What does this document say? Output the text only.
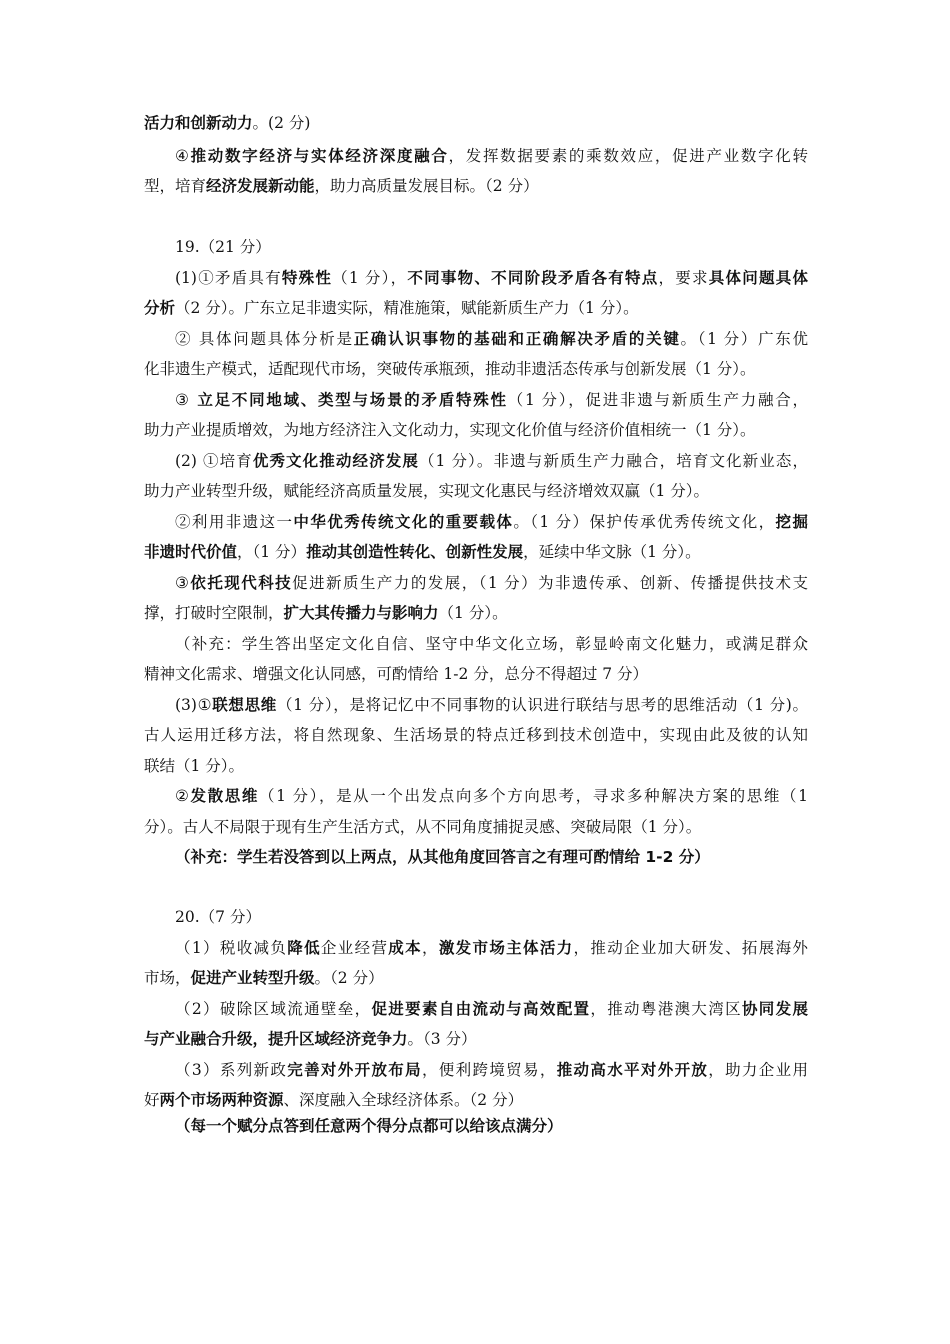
活力和创新动力。(2 分)
④推动数字经济与实体经济深度融合，发挥数据要素的乘数效应，促进产业数字化转
型，培育经济发展新动能，助力高质量发展目标。（2 分）
19.（21 分）
(1)①矛盾具有特殊性（1 分），不同事物、不同阶段矛盾各有特点，要求具体问题具体
分析（2 分）。广东立足非遗实际，精准施策，赋能新质生产力（1 分）。
② 具体问题具体分析是正确认识事物的基础和正确解决矛盾的关键。（1 分）广东优
化非遗生产模式，适配现代市场，突破传承瓶颈，推动非遗活态传承与创新发展（1 分）。
③ 立足不同地域、类型与场景的矛盾特殊性（1 分），促进非遗与新质生产力融合，
助力产业提质增效，为地方经济注入文化动力，实现文化价值与经济价值相统一（1 分）。
(2) ①培育优秀文化推动经济发展（1 分）。非遗与新质生产力融合，培育文化新业态，
助力产业转型升级，赋能经济高质量发展，实现文化惠民与经济增效双赢（1 分）。
②利用非遗这一中华优秀传统文化的重要载体。（1 分）保护传承优秀传统文化，挖掘
非遗时代价值，（1 分）推动其创造性转化、创新性发展，延续中华文脉（1 分）。
③依托现代科技促进新质生产力的发展，（1 分）为非遗传承、创新、传播提供技术支
撑，打破时空限制，扩大其传播力与影响力（1 分）。
（补充：学生答出坚定文化自信、坚守中华文化立场，彰显岭南文化魅力，或满足群众
精神文化需求、增强文化认同感，可酌情给 1-2 分，总分不得超过 7 分）
(3)①联想思维（1 分），是将记忆中不同事物的认识进行联结与思考的思维活动（1 分)。
古人运用迁移方法，将自然现象、生活场景的特点迁移到技术创造中，实现由此及彼的认知
联结（1 分）。
②发散思维（1 分），是从一个出发点向多个方向思考，寻求多种解决方案的思维（1
分）。古人不局限于现有生产生活方式，从不同角度捕捉灵感、突破局限（1 分）。
（补充：学生若没答到以上两点，从其他角度回答言之有理可酌情给 1-2 分）
20.（7 分）
（1）税收减负降低企业经营成本，激发市场主体活力，推动企业加大研发、拓展海外
市场，促进产业转型升级。（2 分）
（2）破除区域流通壁垒，促进要素自由流动与高效配置，推动粤港澳大湾区协同发展
与产业融合升级，提升区域经济竞争力。（3 分）
（3）系列新政完善对外开放布局，便利跨境贸易，推动高水平对外开放，助力企业用
好两个市场两种资源、深度融入全球经济体系。（2 分）
（每一个赋分点答到任意两个得分点都可以给该点满分）
